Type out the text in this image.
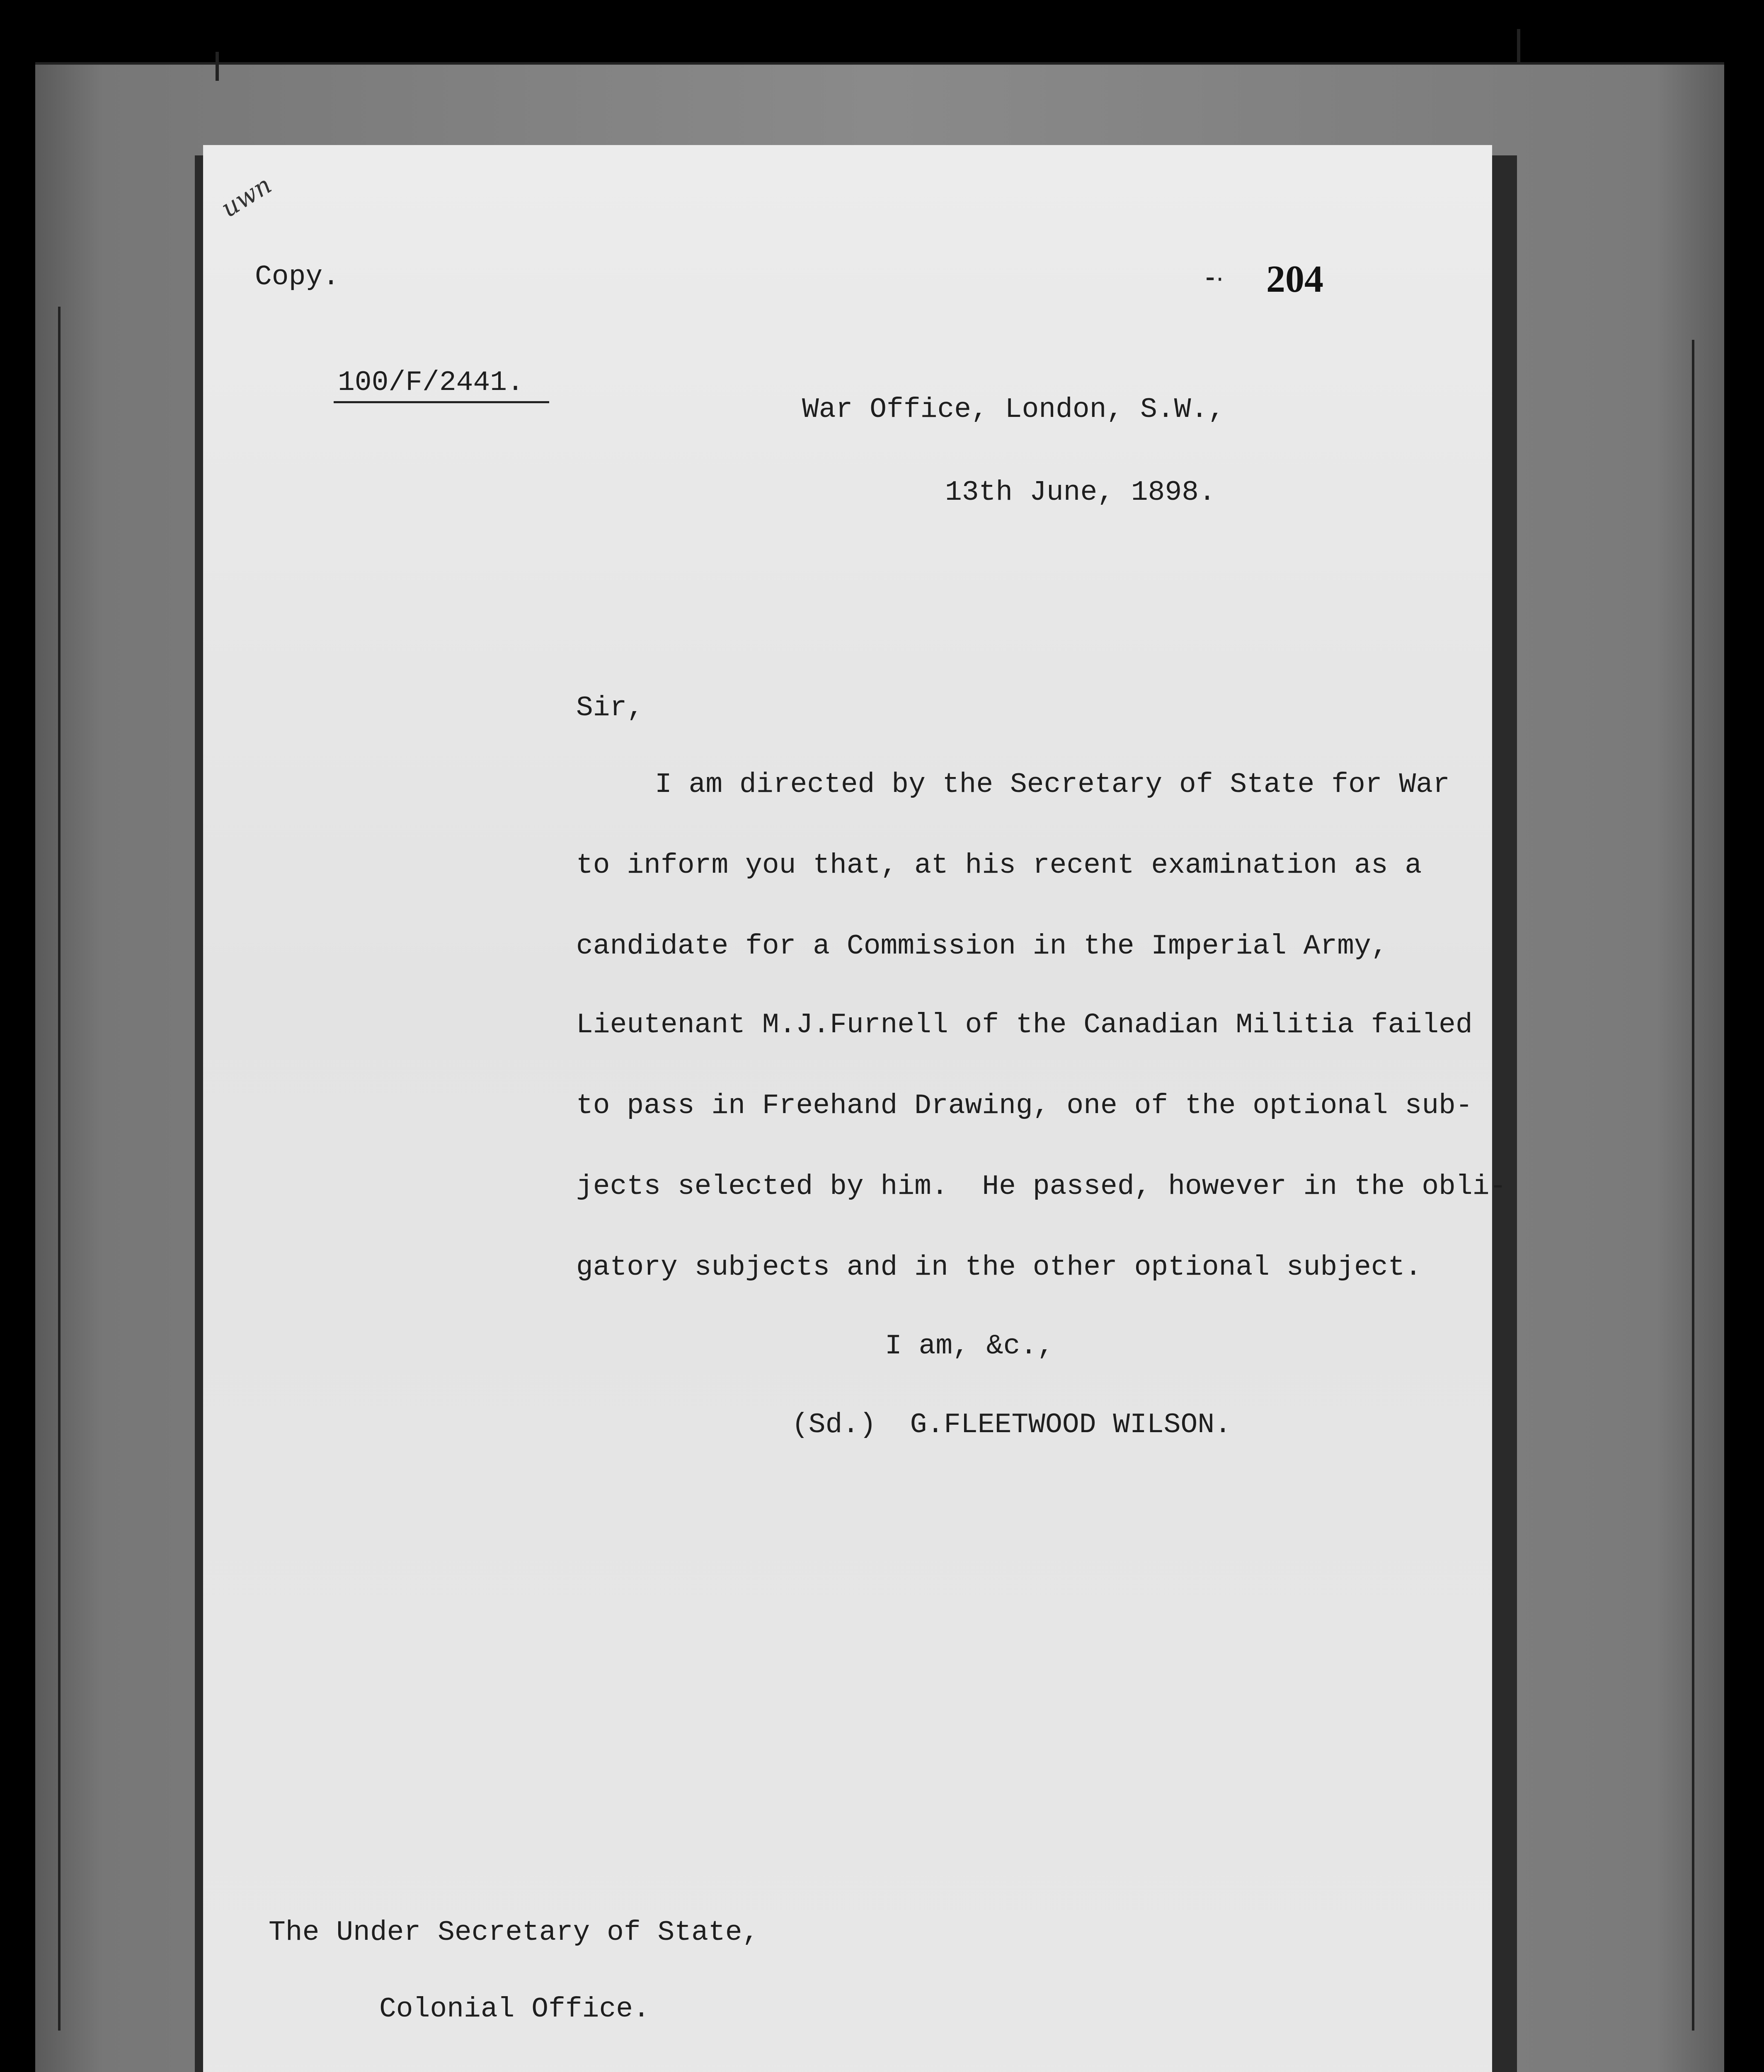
uwn
Copy.	⁃· 204
100/F/2441.
War Office, London, S.W.,
13th June, 1898.
Sir,
I am directed by the Secretary of State for War
to inform you that, at his recent examination as a
candidate for a Commission in the Imperial Army,
Lieutenant M.J.Furnell of the Canadian Militia failed
to pass in Freehand Drawing, one of the optional sub-
jects selected by him.  He passed, however in the obli-
gatory subjects and in the other optional subject.
I am, &c.,
(Sd.)  G.FLEETWOOD WILSON.
The Under Secretary of State,
Colonial Office.
